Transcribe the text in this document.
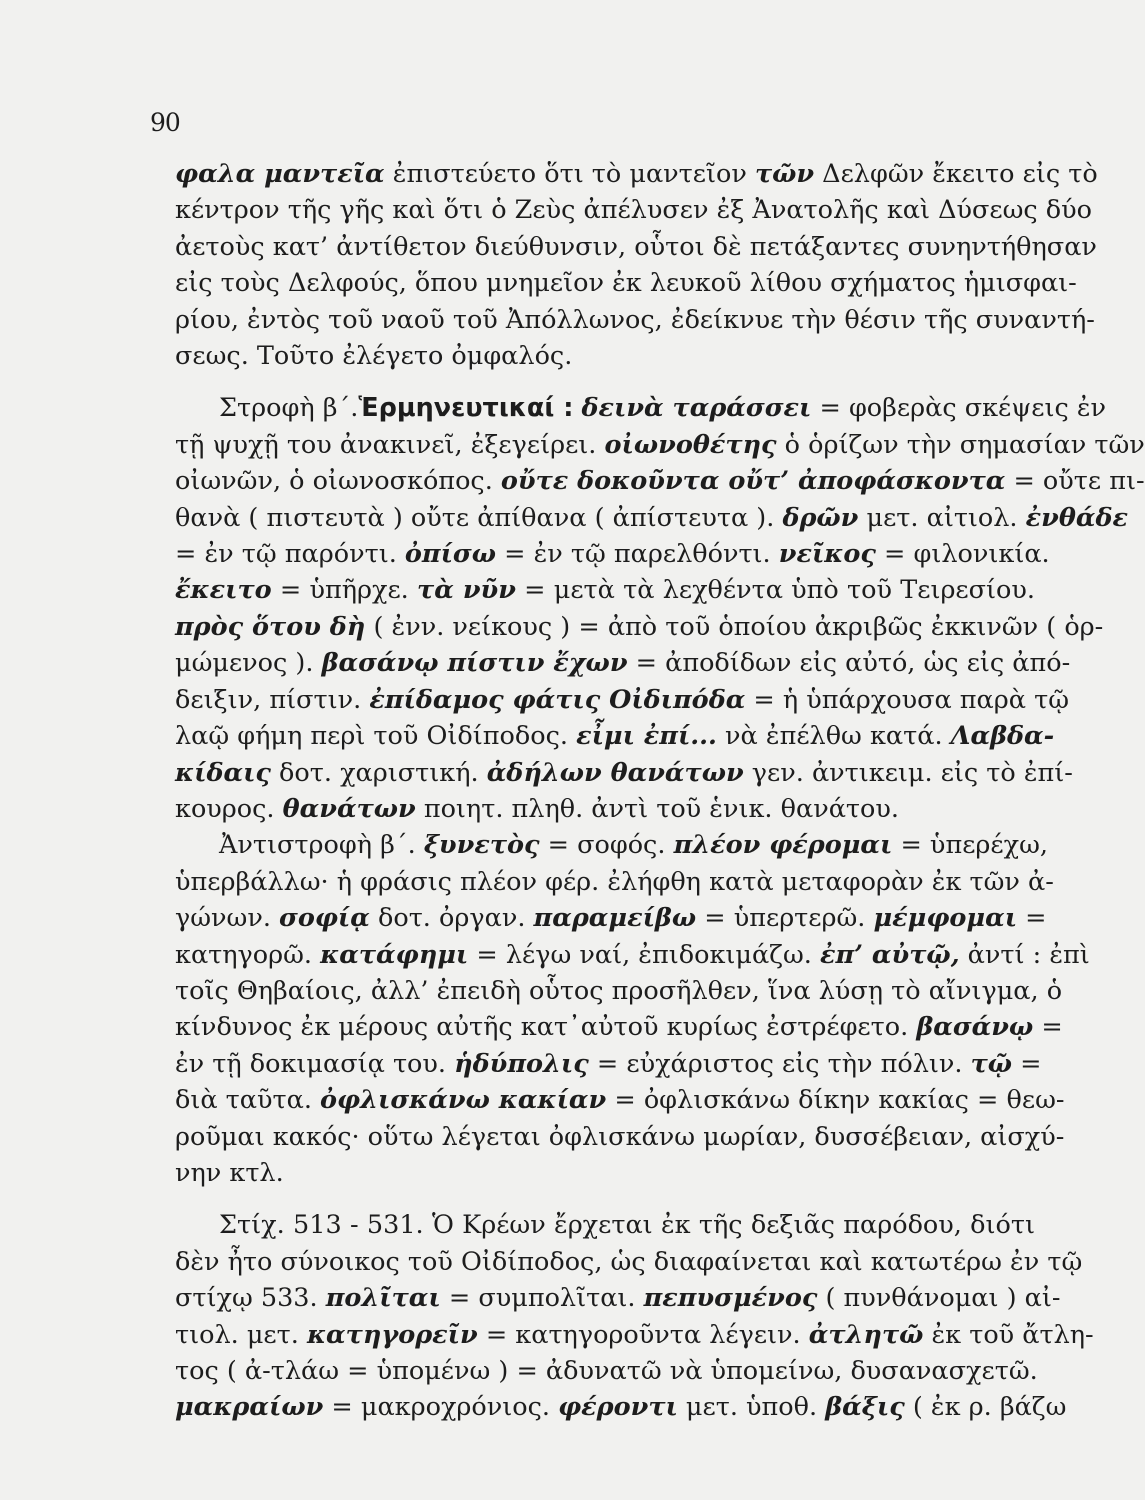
90
φαλα μαντεῖα ἐπιστεύετο ὅτι τὸ μαντεῖον τῶν Δελφῶν ἔκειτο εἰς τὸ
κέντρον τῆς γῆς καὶ ὅτι ὁ Ζεὺς ἀπέλυσεν ἐξ Ἀνατολῆς καὶ Δύσεως δύο
ἀετοὺς κατ’ ἀντίθετον διεύθυνσιν, οὗτοι δὲ πετάξαντες συνηντήθησαν
εἰς τοὺς Δελφούς, ὅπου μνημεῖον ἐκ λευκοῦ λίθου σχήματος ἡμισφαι-
ρίου, ἐντὸς τοῦ ναοῦ τοῦ Ἀπόλλωνος, ἐδείκνυε τὴν θέσιν τῆς συναντή-
σεως. Τοῦτο ἐλέγετο ὀμφαλός.
Στροφὴ β΄.Ἑρμηνευτικαί : δεινὰ ταράσσει = φοβερὰς σκέψεις ἐν
τῇ ψυχῇ του ἀνακινεῖ, ἐξεγείρει. οἰωνοθέτης ὁ ὁρίζων τὴν σημασίαν τῶν
οἰωνῶν, ὁ οἰωνοσκόπος. οὔτε δοκοῦντα οὔτ’ ἀποφάσκοντα = οὔτε πι-
θανὰ ( πιστευτὰ ) οὔτε ἀπίθανα ( ἀπίστευτα ). δρῶν μετ. αἰτιολ. ἐνθάδε
= ἐν τῷ παρόντι. ὀπίσω = ἐν τῷ παρελθόντι. νεῖκος = φιλονικία.
ἔκειτο = ὑπῆρχε. τὰ νῦν = μετὰ τὰ λεχθέντα ὑπὸ τοῦ Τειρεσίου.
πρὸς ὅτου δὴ ( ἐνν. νείκους ) = ἀπὸ τοῦ ὁποίου ἀκριβῶς ἐκκινῶν ( ὁρ-
μώμενος ). βασάνῳ πίστιν ἔχων = ἀποδίδων εἰς αὐτό, ὡς εἰς ἀπό-
δειξιν, πίστιν. ἐπίδαμος φάτις Οἰδιπόδα = ἡ ὑπάρχουσα παρὰ τῷ
λαῷ φήμη περὶ τοῦ Οἰδίποδος. εἶμι ἐπί... νὰ ἐπέλθω κατά. Λαβδα-
κίδαις δοτ. χαριστική. ἀδήλων θανάτων γεν. ἀντικειμ. εἰς τὸ ἐπί-
κουρος. θανάτων ποιητ. πληθ. ἀντὶ τοῦ ἑνικ. θανάτου.
Ἀντιστροφὴ β΄. ξυνετὸς = σοφός. πλέον φέρομαι = ὑπερέχω,
ὑπερβάλλω· ἡ φράσις πλέον φέρ. ἐλήφθη κατὰ μεταφορὰν ἐκ τῶν ἀ-
γώνων. σοφίᾳ δοτ. ὀργαν. παραμείβω = ὑπερτερῶ. μέμφομαι =
κατηγορῶ. κατάφημι = λέγω ναί, ἐπιδοκιμάζω. ἐπ’ αὐτῷ, ἀντί : ἐπὶ
τοῖς Θηβαίοις, ἀλλ’ ἐπειδὴ οὗτος προσῆλθεν, ἵνα λύσῃ τὸ αἴνιγμα, ὁ
κίνδυνος ἐκ μέρους αὐτῆς κατ᾽αὐτοῦ κυρίως ἐστρέφετο. βασάνῳ =
ἐν τῇ δοκιμασίᾳ του. ἡδύπολις = εὐχάριστος εἰς τὴν πόλιν. τῷ =
διὰ ταῦτα. ὀφλισκάνω κακίαν = ὀφλισκάνω δίκην κακίας = θεω-
ροῦμαι κακός· οὕτω λέγεται ὀφλισκάνω μωρίαν, δυσσέβειαν, αἰσχύ-
νην κτλ.
Στίχ. 513 - 531. Ὁ Κρέων ἔρχεται ἐκ τῆς δεξιᾶς παρόδου, διότι
δὲν ἦτο σύνοικος τοῦ Οἰδίποδος, ὡς διαφαίνεται καὶ κατωτέρω ἐν τῷ
στίχῳ 533. πολῖται = συμπολῖται. πεπυσμένος ( πυνθάνομαι ) αἰ-
τιολ. μετ. κατηγορεῖν = κατηγοροῦντα λέγειν. ἀτλητῶ ἐκ τοῦ ἄτλη-
τος ( ἀ-τλάω = ὑπομένω ) = ἀδυνατῶ νὰ ὑπομείνω, δυσανασχετῶ.
μακραίων = μακροχρόνιος. φέροντι μετ. ὑποθ. βάξις ( ἐκ ρ. βάζω
